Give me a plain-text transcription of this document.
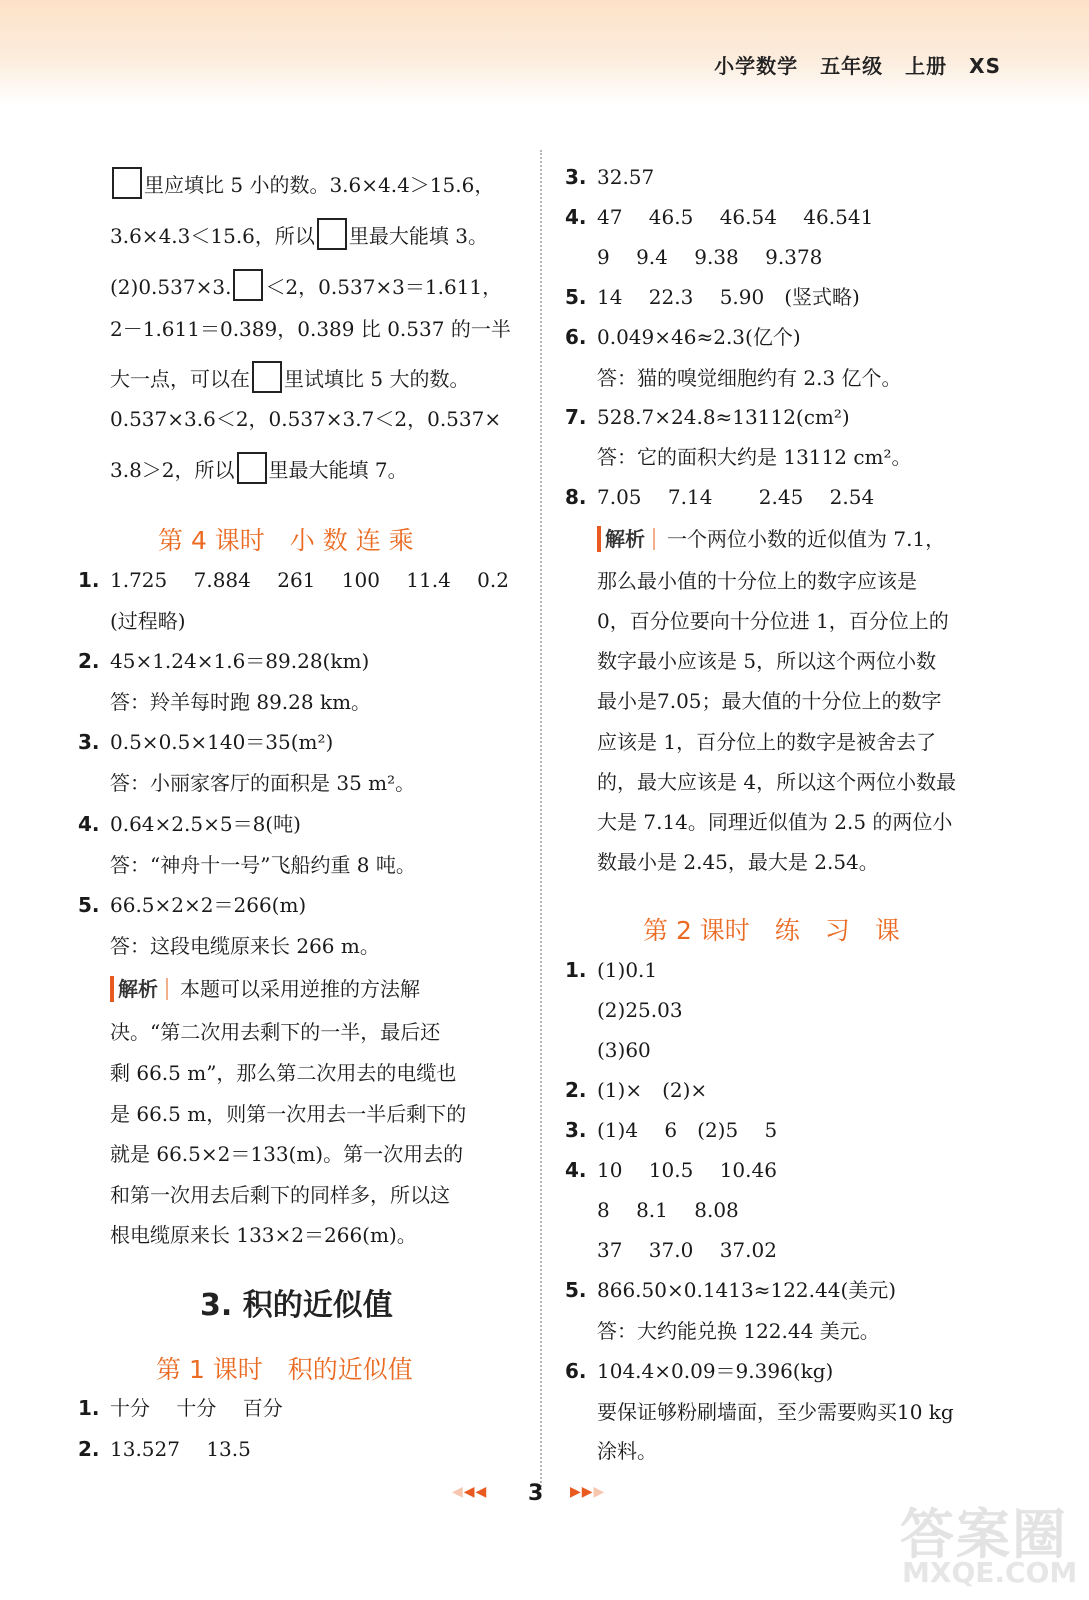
小学数学 五年级 上册 XS
里应填比 5 小的数。3.6×4.4＞15.6，
3.6×4.3＜15.6，所以 里最大能填 3。
(2)0.537×3. ＜2，0.537×3＝1.611，
2－1.611＝0.389，0.389 比 0.537 的一半
大一点，可以在 里试填比 5 大的数。
0.537×3.6＜2，0.537×3.7＜2，0.537×
3.8＞2，所以 里最大能填 7。
第 4 课时　小 数 连 乘
1. 1.725　 7.884　 261　 100　 11.4　 0.2
(过程略)
2. 45×1.24×1.6＝89.28(km)
答：羚羊每时跑 89.28 km。
3. 0.5×0.5×140＝35(m²)
答：小丽家客厅的面积是 35 m²。
4. 0.64×2.5×5＝8(吨)
答：“神舟十一号”飞船约重 8 吨。
5. 66.5×2×2＝266(m)
答：这段电缆原来长 266 m。
解析 本题可以采用逆推的方法解
决。“第二次用去剩下的一半，最后还
剩 66.5 m”，那么第二次用去的电缆也
是 66.5 m，则第一次用去一半后剩下的
就是 66.5×2＝133(m)。第一次用去的
和第一次用去后剩下的同样多，所以这
根电缆原来长 133×2＝266(m)。
3. 积的近似值
第 1 课时　积的近似值
1. 十分　 十分　 百分
2. 13.527　 13.5
3. 32.57
4. 47　 46.5　 46.54　 46.541
9　 9.4　 9.38　 9.378
5. 14　 22.3　 5.90　(竖式略)
6. 0.049×46≈2.3(亿个)
答：猫的嗅觉细胞约有 2.3 亿个。
7. 528.7×24.8≈13112(cm²)
答：它的面积大约是 13112 cm²。
8. 7.05　 7.14　　 2.45　 2.54
解析 一个两位小数的近似值为 7.1，
那么最小值的十分位上的数字应该是
0，百分位要向十分位进 1，百分位上的
数字最小应该是 5，所以这个两位小数
最小是7.05；最大值的十分位上的数字
应该是 1，百分位上的数字是被舍去了
的，最大应该是 4，所以这个两位小数最
大是 7.14。同理近似值为 2.5 的两位小
数最小是 2.45，最大是 2.54。
第 2 课时　练　习　课
1. (1)0.1
(2)25.03
(3)60
2. (1)×　(2)×
3. (1)4　 6　(2)5　 5
4. 10　 10.5　 10.46
8　 8.1　 8.08
37　 37.0　 37.02
5. 866.50×0.1413≈122.44(美元)
答：大约能兑换 122.44 美元。
6. 104.4×0.09＝9.396(kg)
要保证够粉刷墙面，至少需要购买10 kg
涂料。
◀◀◀ 3 ▶▶▶
答案圈
MXQE.COM
